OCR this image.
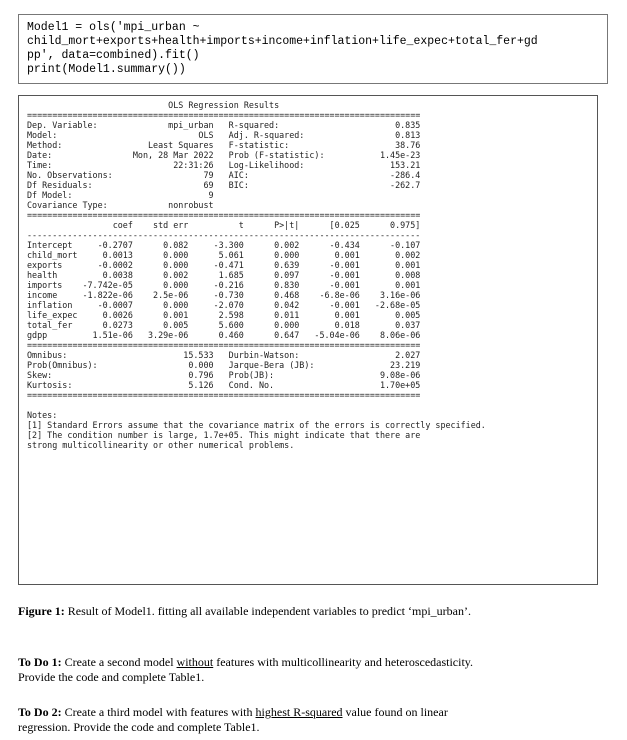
Model1 = ols('mpi_urban ~
child_mort+exports+health+imports+income+inflation+life_expec+total_fer+gd
pp', data=combined).fit()
print(Model1.summary())
OLS Regression Results
==============================================================================
Dep. Variable:              mpi_urban   R-squared:                       0.835
Model:                            OLS   Adj. R-squared:                  0.813
Method:                 Least Squares   F-statistic:                     38.76
Date:                Mon, 28 Mar 2022   Prob (F-statistic):           1.45e-23
Time:                        22:31:26   Log-Likelihood:                 153.21
No. Observations:                  79   AIC:                            -286.4
Df Residuals:                      69   BIC:                            -262.7
Df Model:                           9
Covariance Type:            nonrobust
==============================================================================
coef    std err          t      P>|t|      [0.025      0.975]
------------------------------------------------------------------------------
Intercept     -0.2707      0.082     -3.300      0.002      -0.434      -0.107
child_mort     0.0013      0.000      5.061      0.000       0.001       0.002
exports       -0.0002      0.000     -0.471      0.639      -0.001       0.001
health         0.0038      0.002      1.685      0.097      -0.001       0.008
imports    -7.742e-05      0.000     -0.216      0.830      -0.001       0.001
income     -1.822e-06    2.5e-06     -0.730      0.468    -6.8e-06    3.16e-06
inflation     -0.0007      0.000     -2.070      0.042      -0.001   -2.68e-05
life_expec     0.0026      0.001      2.598      0.011       0.001       0.005
total_fer      0.0273      0.005      5.600      0.000       0.018       0.037
gdpp         1.51e-06   3.29e-06      0.460      0.647   -5.04e-06    8.06e-06
==============================================================================
Omnibus:                       15.533   Durbin-Watson:                   2.027
Prob(Omnibus):                  0.000   Jarque-Bera (JB):               23.219
Skew:                           0.796   Prob(JB):                     9.08e-06
Kurtosis:                       5.126   Cond. No.                     1.70e+05
==============================================================================
Notes:
[1] Standard Errors assume that the covariance matrix of the errors is correctly specified.
[2] The condition number is large, 1.7e+05. This might indicate that there are
strong multicollinearity or other numerical problems.
Figure 1: Result of Model1. fitting all available independent variables to predict ‘mpi_urban’.
To Do 1: Create a second model without features with multicollinearity and heteroscedasticity.
Provide the code and complete Table1.
To Do 2: Create a third model with features with highest R-squared value found on linear
regression. Provide the code and complete Table1.
